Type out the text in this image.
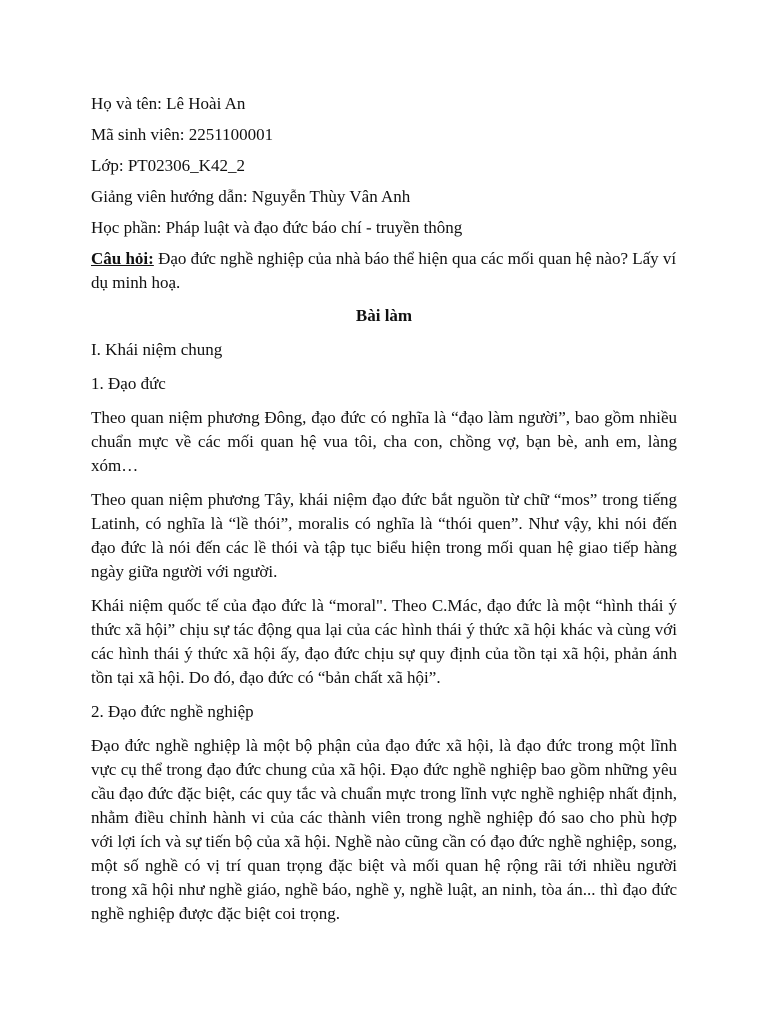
Họ và tên: Lê Hoài An

Mã sinh viên: 2251100001

Lớp: PT02306_K42_2

Giảng viên hướng dẫn: Nguyễn Thùy Vân Anh

Học phần: Pháp luật và đạo đức báo chí - truyền thông

Câu hỏi: Đạo đức nghề nghiệp của nhà báo thể hiện qua các mối quan hệ nào? Lấy ví dụ minh hoạ.

Bài làm

I. Khái niệm chung

1. Đạo đức

Theo quan niệm phương Đông, đạo đức có nghĩa là “đạo làm người”, bao gồm nhiều chuẩn mực về các mối quan hệ vua tôi, cha con, chồng vợ, bạn bè, anh em, làng xóm…

Theo quan niệm phương Tây, khái niệm đạo đức bắt nguồn từ chữ “mos” trong tiếng Latinh, có nghĩa là “lề thói”, moralis có nghĩa là “thói quen”. Như vậy, khi nói đến đạo đức là nói đến các lề thói và tập tục biểu hiện trong mối quan hệ giao tiếp hàng ngày giữa người với người.

Khái niệm quốc tế của đạo đức là “moral". Theo C.Mác, đạo đức là một “hình thái ý thức xã hội” chịu sự tác động qua lại của các hình thái ý thức xã hội khác và cùng với các hình thái ý thức xã hội ấy, đạo đức chịu sự quy định của tồn tại xã hội, phản ánh tồn tại xã hội. Do đó, đạo đức có “bản chất xã hội”.

2. Đạo đức nghề nghiệp

Đạo đức nghề nghiệp là một bộ phận của đạo đức xã hội, là đạo đức trong một lĩnh vực cụ thể trong đạo đức chung của xã hội. Đạo đức nghề nghiệp bao gồm những yêu cầu đạo đức đặc biệt, các quy tắc và chuẩn mực trong lĩnh vực nghề nghiệp nhất định, nhằm điều chỉnh hành vi của các thành viên trong nghề nghiệp đó sao cho phù hợp với lợi ích và sự tiến bộ của xã hội. Nghề nào cũng cần có đạo đức nghề nghiệp, song, một số nghề có vị trí quan trọng đặc biệt và mối quan hệ rộng rãi tới nhiều người trong xã hội như nghề giáo, nghề báo, nghề y, nghề luật, an ninh, tòa án... thì đạo đức nghề nghiệp được đặc biệt coi trọng.
